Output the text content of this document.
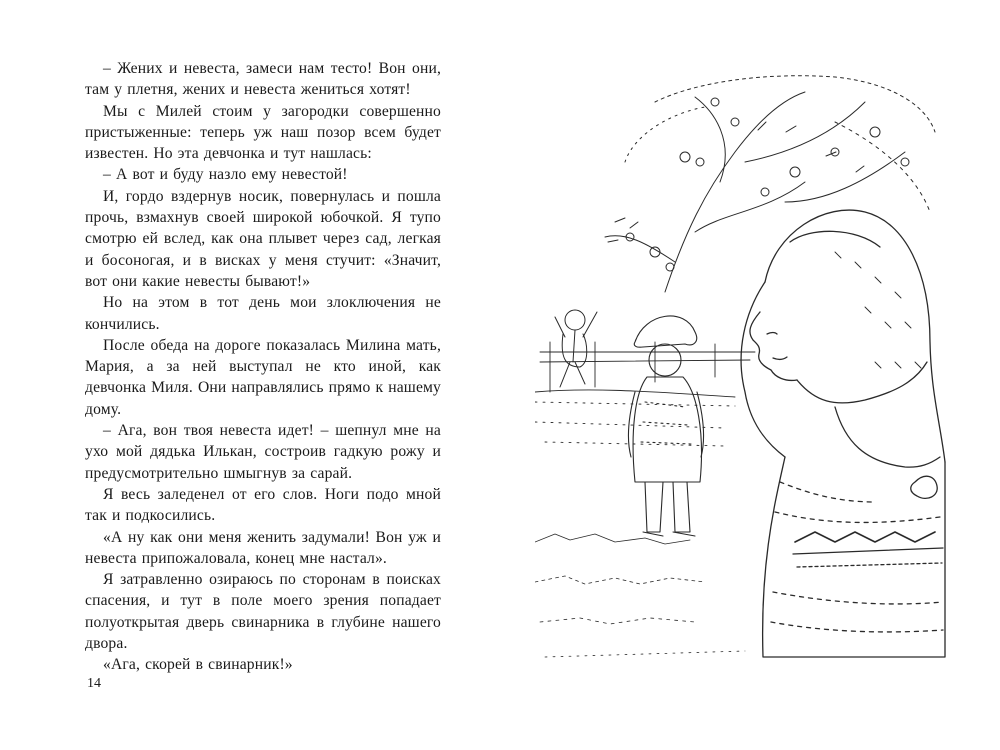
– Жених и невеста, замеси нам тесто! Вон они, там у плетня, жених и невеста жениться хотят!

Мы с Милей стоим у загородки совершенно пристыженные: теперь уж наш позор всем будет известен. Но эта девчонка и тут нашлась:

– А вот и буду назло ему невестой!

И, гордо вздернув носик, повернулась и пошла прочь, взмахнув своей широкой юбочкой. Я тупо смотрю ей вслед, как она плывет через сад, легкая и босоногая, и в висках у меня стучит: «Значит, вот они какие невесты бывают!»

Но на этом в тот день мои злоключения не кончились.

После обеда на дороге показалась Милина мать, Мария, а за ней выступал не кто иной, как девчонка Миля. Они направлялись прямо к нашему дому.

– Ага, вон твоя невеста идет! – шепнул мне на ухо мой дядька Илькан, состроив гадкую рожу и предусмотрительно шмыгнув за сарай.

Я весь заледенел от его слов. Ноги подо мной так и подкосились.

«А ну как они меня женить задумали! Вон уж и невеста припожаловала, конец мне настал».

Я затравленно озираюсь по сторонам в поисках спасения, и тут в поле моего зрения попадает полуоткрытая дверь свинарника в глубине нашего двора.

«Ага, скорей в свинарник!»

14
